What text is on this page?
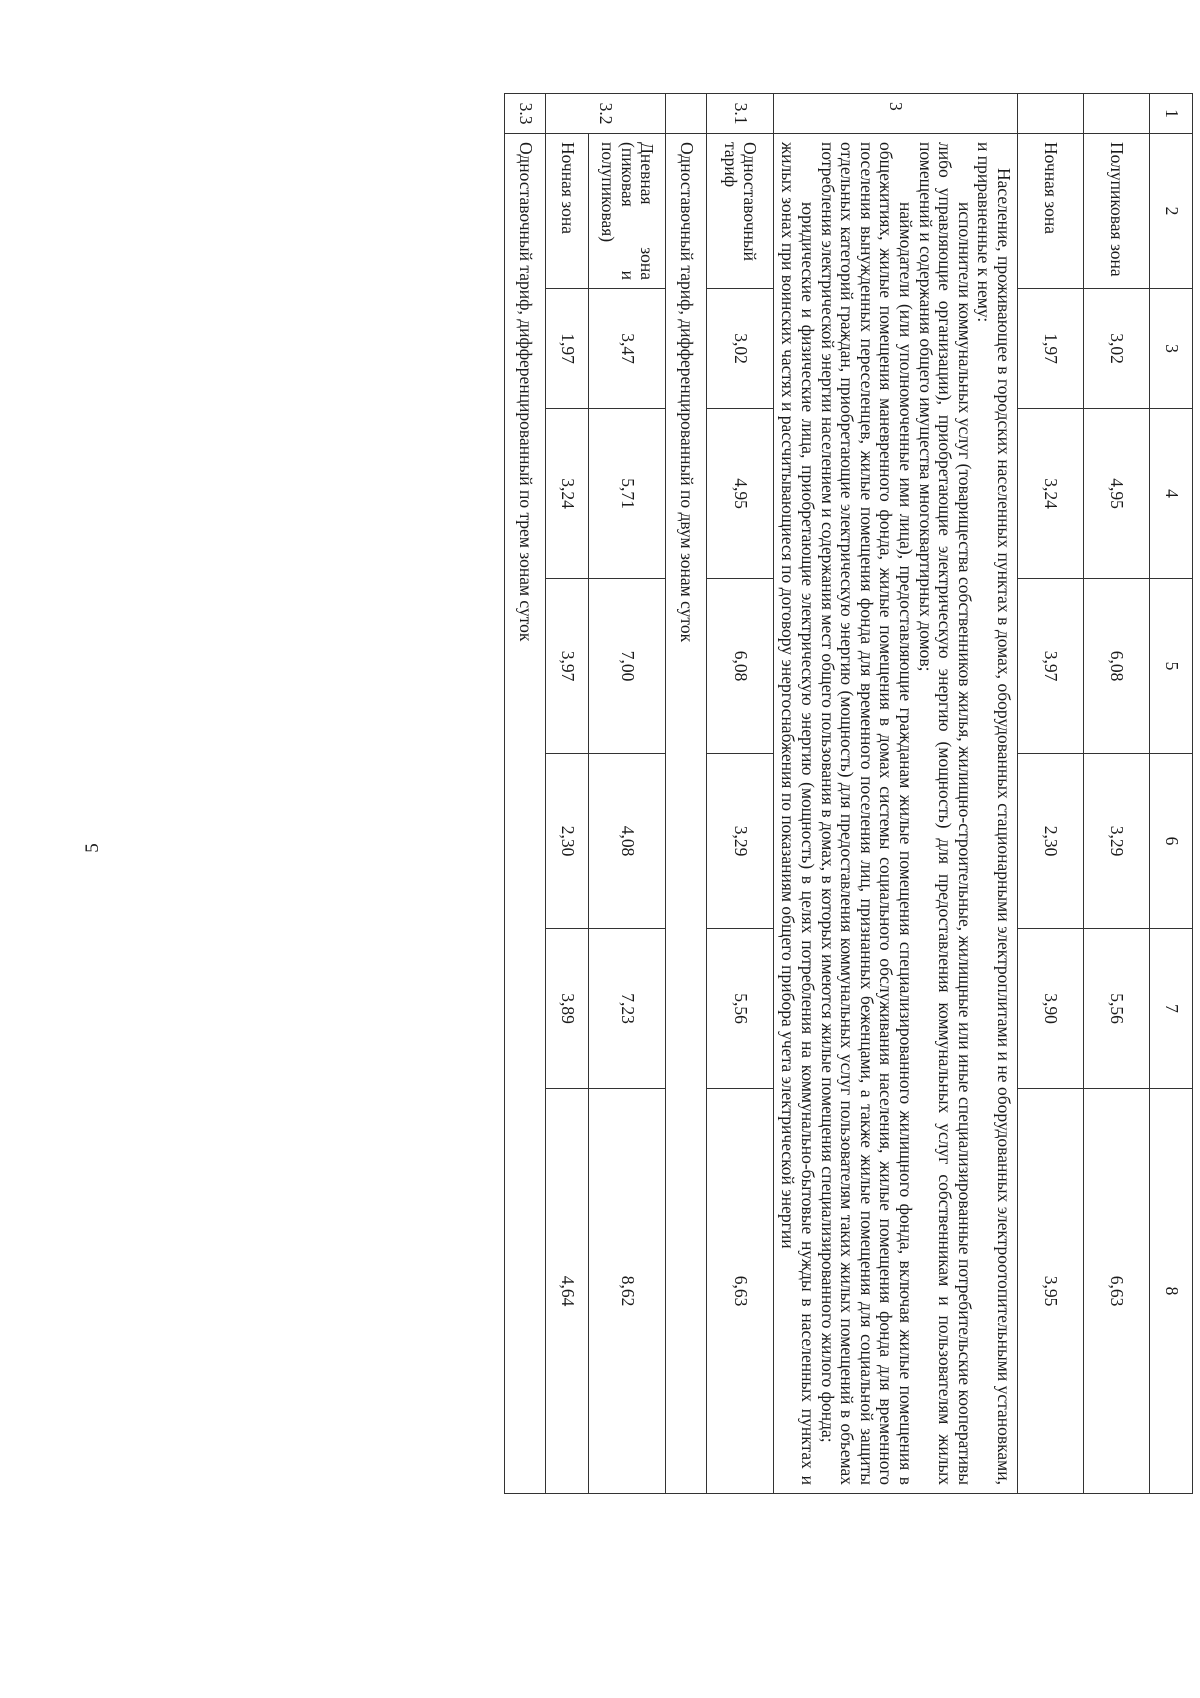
5
1	2	3	4	5	6	7	8
	Полупиковая зона	3,02	4,95	6,08	3,29	5,56	6,63
	Ночная зона	1,97	3,24	3,97	2,30	3,90	3,95
3	Население, проживающее в городских населенных пунктах в домах, оборудованных стационарными электроплитами и не оборудованных электроотопительными установками, и приравненные к нему:

исполнители коммунальных услуг (товарищества собственников жилья, жилищно-строительные, жилищные или иные специализированные потребительские кооперативы либо управляющие организации), приобретающие электрическую энергию (мощность) для предоставления коммунальных услуг собственникам и пользователям жилых помещений и содержания общего имущества многоквартирных домов;

наймодатели (или уполномоченные ими лица), предоставляющие гражданам жилые помещения специализированного жилищного фонда, включая жилые помещения в общежитиях, жилые помещения маневренного фонда, жилые помещения в домах системы социального обслуживания населения, жилые помещения фонда для временного поселения вынужденных переселенцев, жилые помещения фонда для временного поселения лиц, признанных беженцами, а также жилые помещения для социальной защиты отдельных категорий граждан, приобретающие электрическую энергию (мощность) для предоставления коммунальных услуг пользователям таких жилых помещений в объемах потребления электрической энергии населением и содержания мест общего пользования в домах, в которых имеются жилые помещения специализированного жилого фонда;

юридические и физические лица, приобретающие электрическую энергию (мощность) в целях потребления на коммунально-бытовые нужды в населенных пунктах и жилых зонах при воинских частях и рассчитывающиеся по договору энергоснабжения по показаниям общего прибора учета электрической энергии						

3.1	Одноставочный тариф	3,02	4,95	6,08	3,29	5,56	6,63
	Одноставочный тариф, дифференцированный по двум зонам суток						
3.2	Дневная
зона
(пиковая
и
полупиковая)	3,47	5,71	7,00	4,08	7,23	8,62
	Ночная зона	1,97	3,24	3,97	2,30	3,89	4,64
3.3	Одноставочный тариф, дифференцированный по трем зонам суток						
